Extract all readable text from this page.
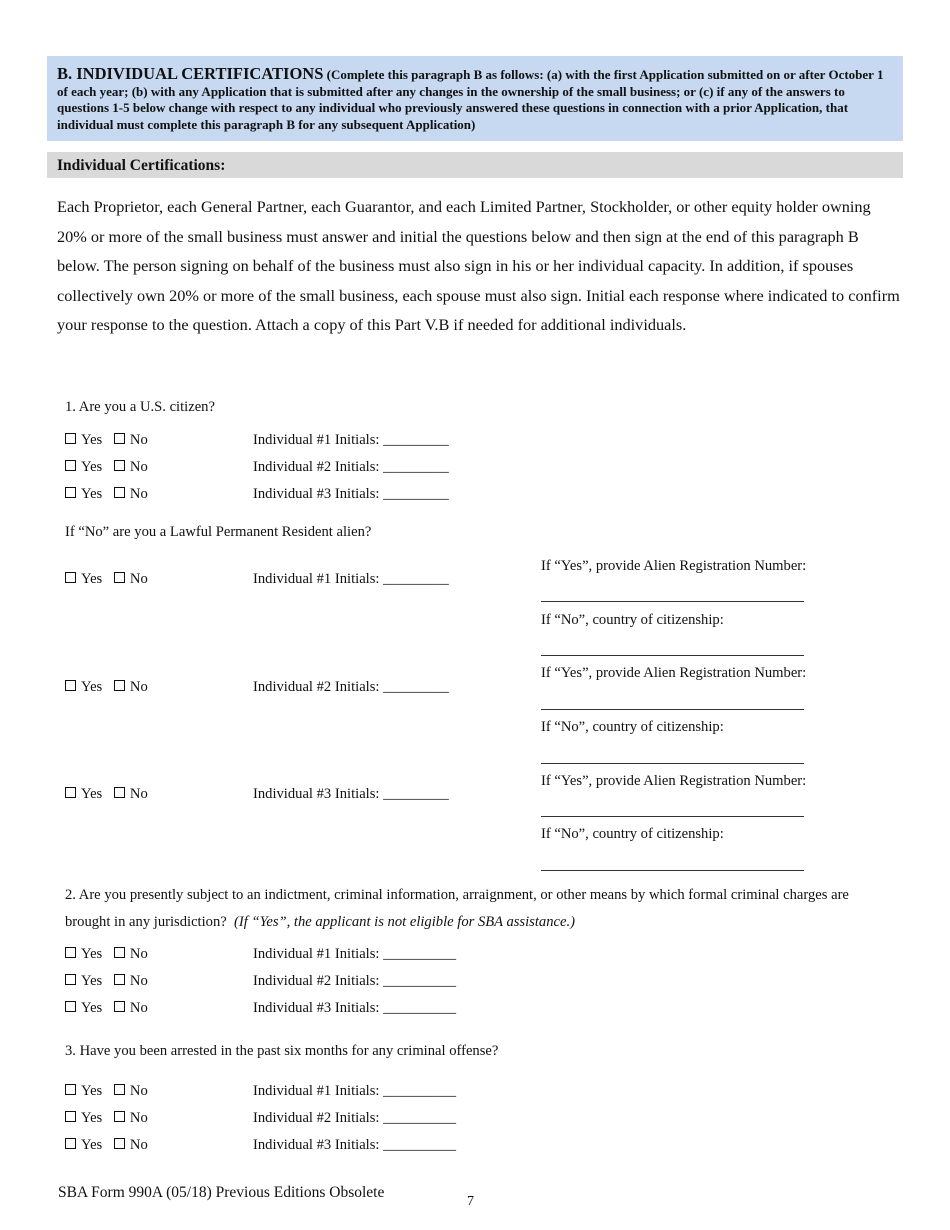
B. INDIVIDUAL CERTIFICATIONS (Complete this paragraph B as follows: (a) with the first Application submitted on or after October 1 of each year; (b) with any Application that is submitted after any changes in the ownership of the small business; or (c) if any of the answers to questions 1-5 below change with respect to any individual who previously answered these questions in connection with a prior Application, that individual must complete this paragraph B for any subsequent Application)
Individual Certifications:
Each Proprietor, each General Partner, each Guarantor, and each Limited Partner, Stockholder, or other equity holder owning 20% or more of the small business must answer and initial the questions below and then sign at the end of this paragraph B below. The person signing on behalf of the business must also sign in his or her individual capacity. In addition, if spouses collectively own 20% or more of the small business, each spouse must also sign. Initial each response where indicated to confirm your response to the question. Attach a copy of this Part V.B if needed for additional individuals.
1. Are you a U.S. citizen?
Yes No	Individual #1 Initials: _________
Yes No	Individual #2 Initials: _________
Yes No	Individual #3 Initials: _________
If “No” are you a Lawful Permanent Resident alien?
Yes No	Individual #1 Initials: _________
If “Yes”, provide Alien Registration Number:
If “No”, country of citizenship:
Yes No	Individual #2 Initials: _________
If “Yes”, provide Alien Registration Number:
If “No”, country of citizenship:
Yes No	Individual #3 Initials: _________
If “Yes”, provide Alien Registration Number:
If “No”, country of citizenship:
2. Are you presently subject to an indictment, criminal information, arraignment, or other means by which formal criminal charges are brought in any jurisdiction? (If “Yes”, the applicant is not eligible for SBA assistance.)
Yes No	Individual #1 Initials: __________
Yes No	Individual #2 Initials: __________
Yes No	Individual #3 Initials: __________
3. Have you been arrested in the past six months for any criminal offense?
Yes No	Individual #1 Initials: __________
Yes No	Individual #2 Initials: __________
Yes No	Individual #3 Initials: __________
SBA Form 990A (05/18) Previous Editions Obsolete
7
